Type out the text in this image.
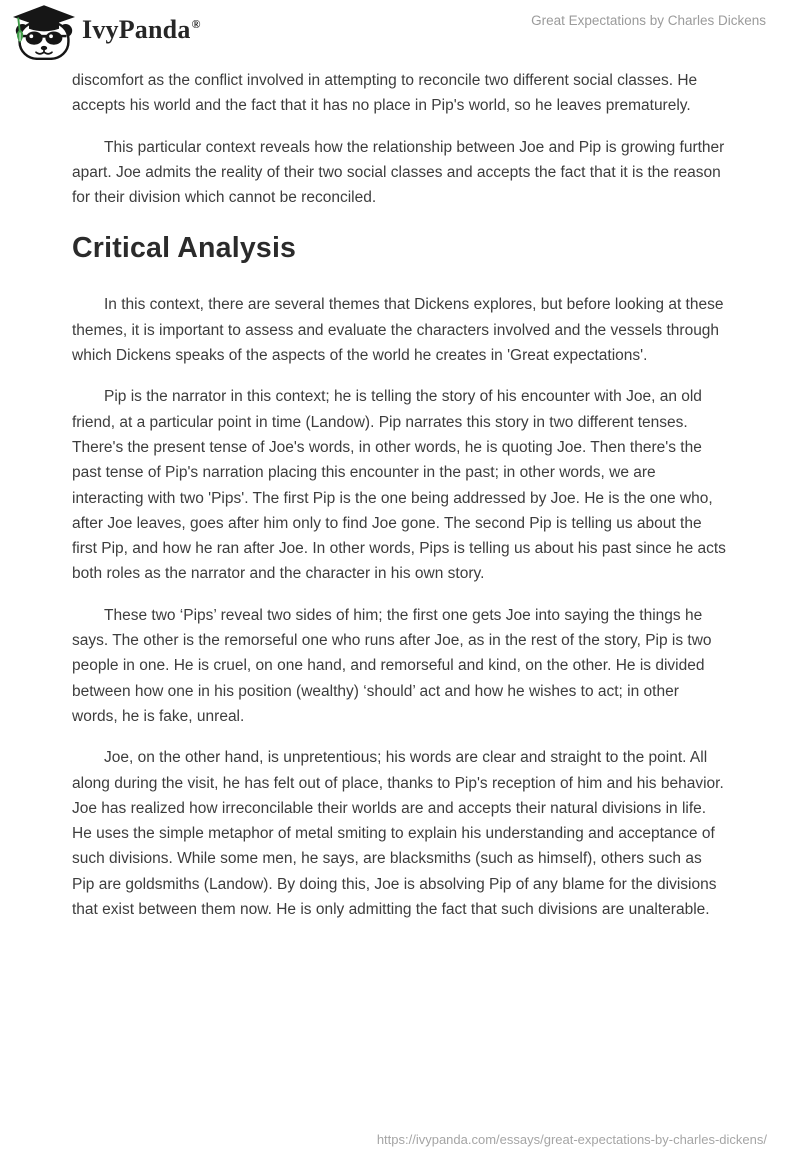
IvyPanda®	Great Expectations by Charles Dickens

discomfort as the conflict involved in attempting to reconcile two different social classes. He accepts his world and the fact that it has no place in Pip's world, so he leaves prematurely.

This particular context reveals how the relationship between Joe and Pip is growing further apart. Joe admits the reality of their two social classes and accepts the fact that it is the reason for their division which cannot be reconciled.

Critical Analysis

In this context, there are several themes that Dickens explores, but before looking at these themes, it is important to assess and evaluate the characters involved and the vessels through which Dickens speaks of the aspects of the world he creates in 'Great expectations'.

Pip is the narrator in this context; he is telling the story of his encounter with Joe, an old friend, at a particular point in time (Landow). Pip narrates this story in two different tenses. There's the present tense of Joe's words, in other words, he is quoting Joe. Then there's the past tense of Pip's narration placing this encounter in the past; in other words, we are interacting with two 'Pips'. The first Pip is the one being addressed by Joe. He is the one who, after Joe leaves, goes after him only to find Joe gone. The second Pip is telling us about the first Pip, and how he ran after Joe. In other words, Pips is telling us about his past since he acts both roles as the narrator and the character in his own story.

These two ‘Pips’ reveal two sides of him; the first one gets Joe into saying the things he says. The other is the remorseful one who runs after Joe, as in the rest of the story, Pip is two people in one. He is cruel, on one hand, and remorseful and kind, on the other. He is divided between how one in his position (wealthy) ‘should’ act and how he wishes to act; in other words, he is fake, unreal.

Joe, on the other hand, is unpretentious; his words are clear and straight to the point. All along during the visit, he has felt out of place, thanks to Pip's reception of him and his behavior. Joe has realized how irreconcilable their worlds are and accepts their natural divisions in life. He uses the simple metaphor of metal smiting to explain his understanding and acceptance of such divisions. While some men, he says, are blacksmiths (such as himself), others such as Pip are goldsmiths (Landow). By doing this, Joe is absolving Pip of any blame for the divisions that exist between them now. He is only admitting the fact that such divisions are unalterable.

https://ivypanda.com/essays/great-expectations-by-charles-dickens/
